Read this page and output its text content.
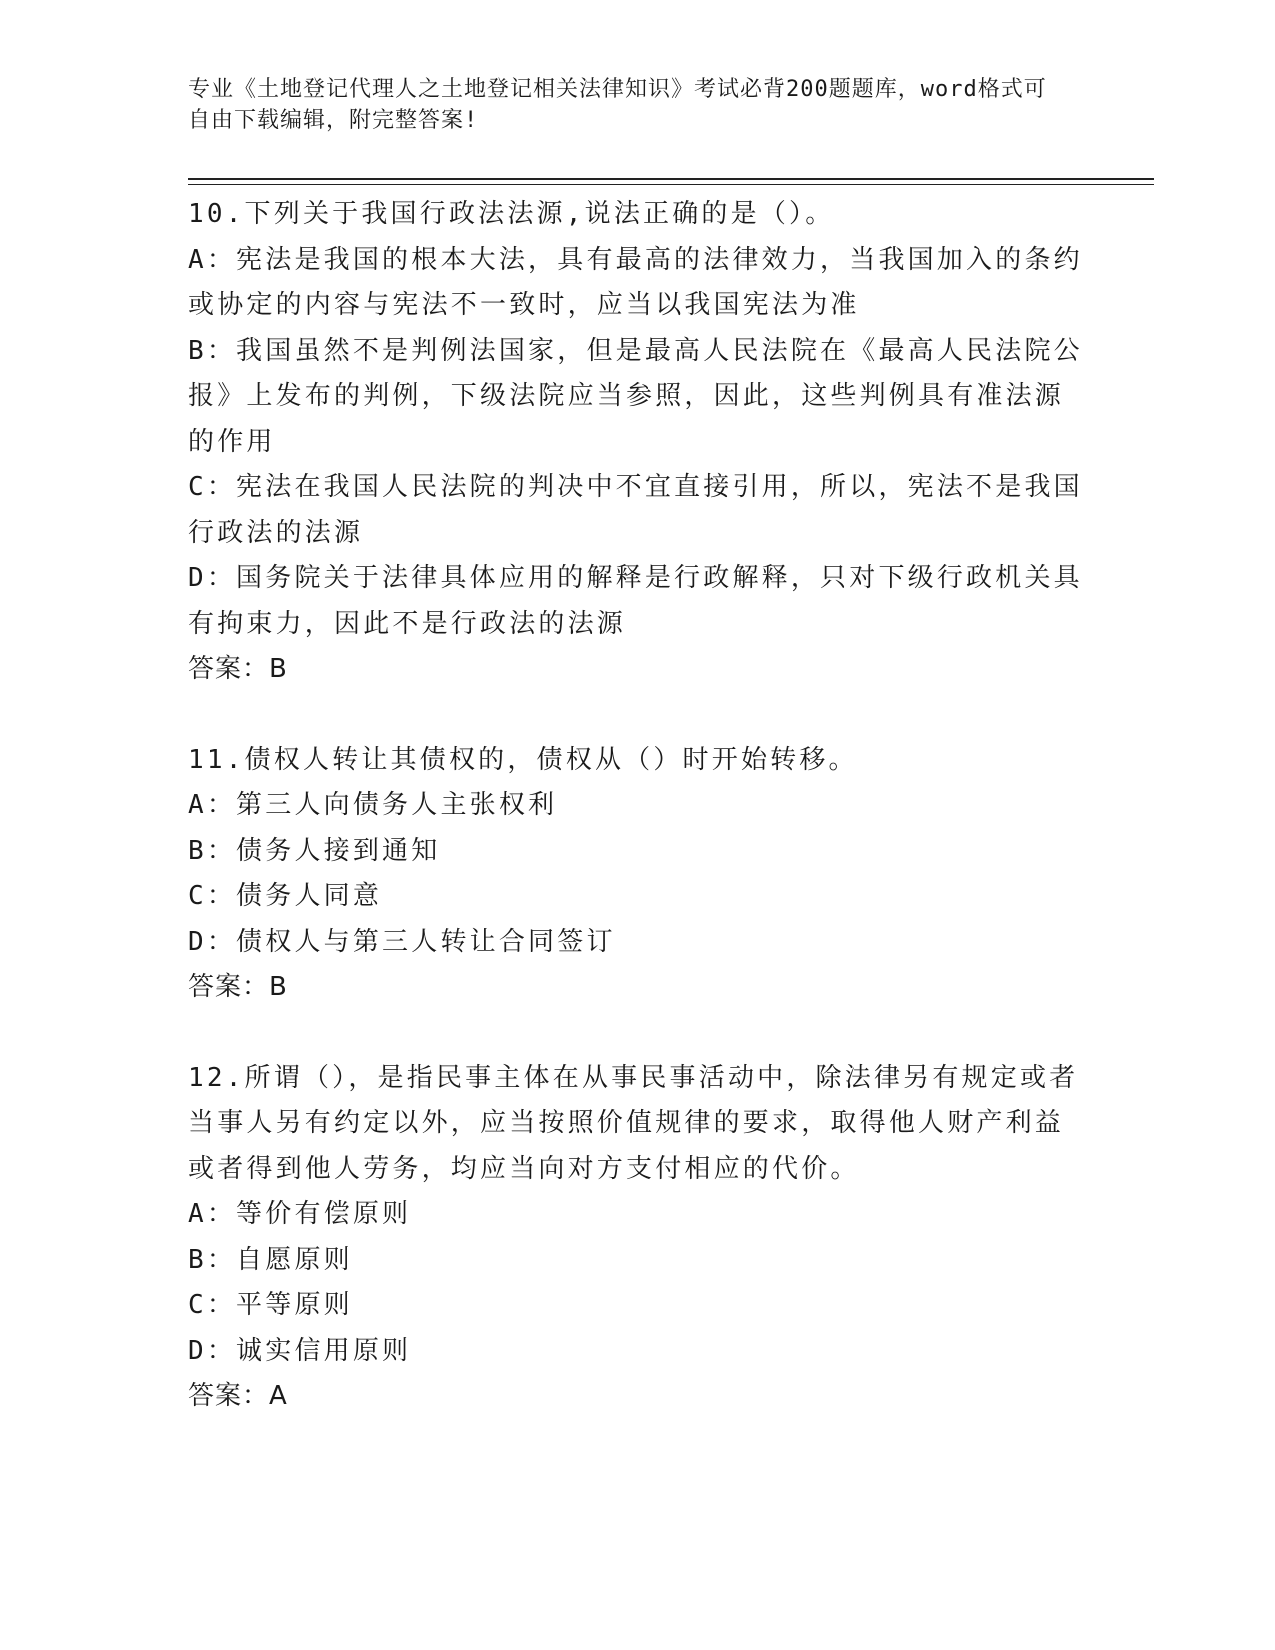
专业《土地登记代理人之土地登记相关法律知识》考试必背200题题库，word格式可自由下载编辑，附完整答案!
10.下列关于我国行政法法源,说法正确的是（）。
A：宪法是我国的根本大法，具有最高的法律效力，当我国加入的条约或协定的内容与宪法不一致时，应当以我国宪法为准
B：我国虽然不是判例法国家，但是最高人民法院在《最高人民法院公报》上发布的判例，下级法院应当参照，因此，这些判例具有准法源的作用
C：宪法在我国人民法院的判决中不宜直接引用，所以，宪法不是我国行政法的法源
D：国务院关于法律具体应用的解释是行政解释，只对下级行政机关具有拘束力，因此不是行政法的法源
答案：B
11.债权人转让其债权的，债权从（）时开始转移。
A：第三人向债务人主张权利
B：债务人接到通知
C：债务人同意
D：债权人与第三人转让合同签订
答案：B
12.所谓（），是指民事主体在从事民事活动中，除法律另有规定或者当事人另有约定以外，应当按照价值规律的要求，取得他人财产利益或者得到他人劳务，均应当向对方支付相应的代价。
A：等价有偿原则
B：自愿原则
C：平等原则
D：诚实信用原则
答案：A
